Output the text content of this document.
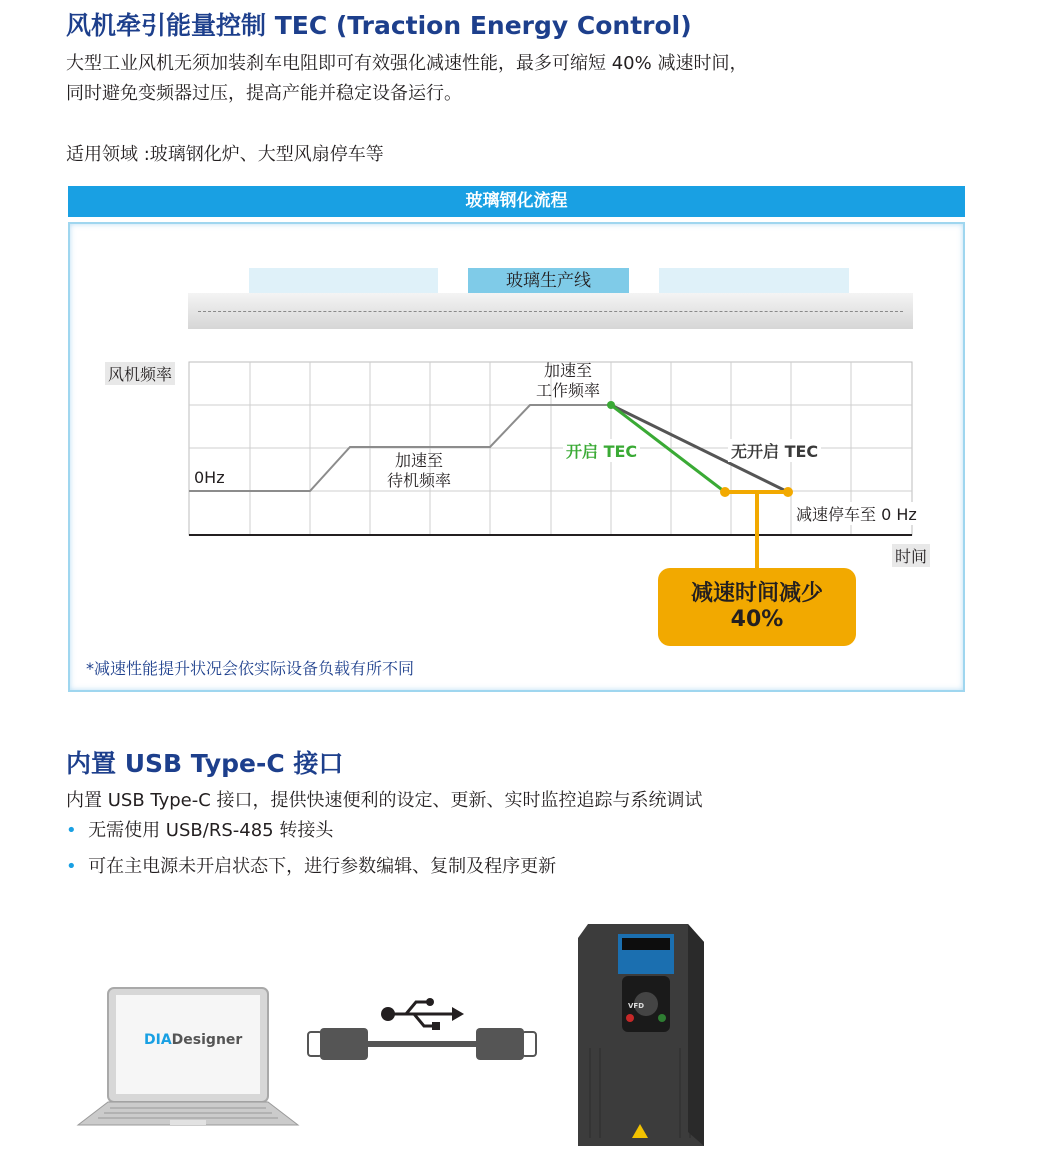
风机牵引能量控制 TEC (Traction Energy Control)
大型工业风机无须加装刹车电阻即可有效强化减速性能，最多可缩短 40% 减速时间，
同时避免变频器过压，提高产能并稳定设备运行。
适用领域 :玻璃钢化炉、大型风扇停车等
玻璃钢化流程
玻璃生产线
风机频率
时间
0Hz
加速至
待机频率
加速至
工作频率
开启 TEC	无开启 TEC
减速停车至 0 Hz
减速时间减少
40%
*减速性能提升状况会依实际设备负载有所不同
内置 USB Type-C 接口
内置 USB Type-C 接口，提供快速便利的设定、更新、实时监控追踪与系统调试
• 无需使用 USB/RS-485 转接头
• 可在主电源未开启状态下，进行参数编辑、复制及程序更新
DIADesigner
VFD
